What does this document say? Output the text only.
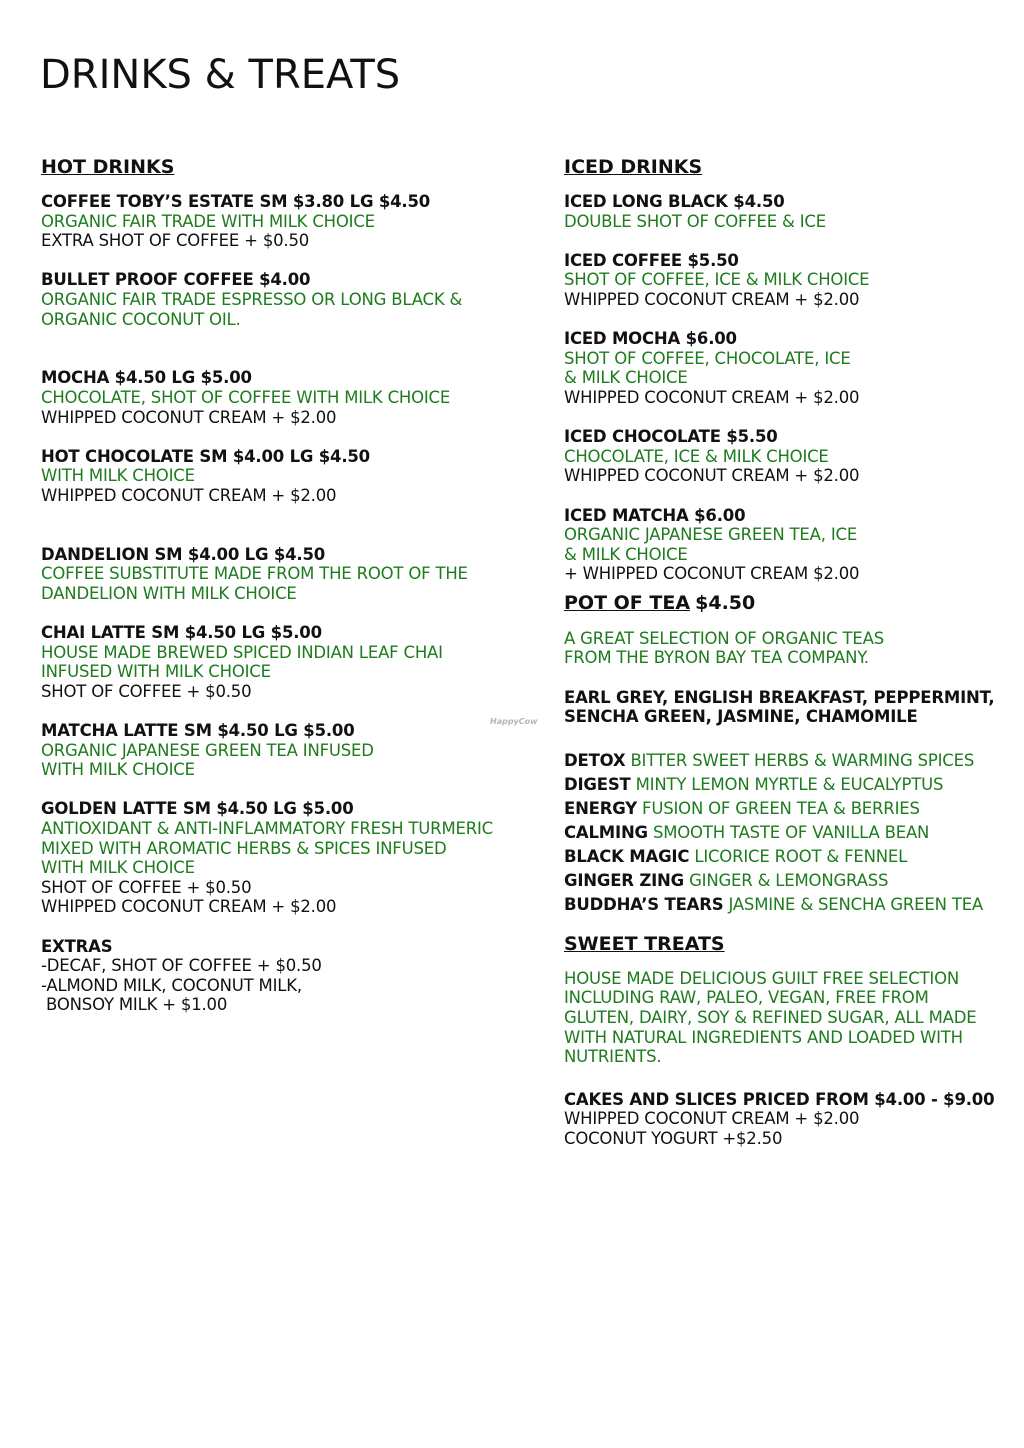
DRINKS & TREATS
HOT DRINKS
COFFEE TOBY’S ESTATE SM $3.80 LG $4.50
ORGANIC FAIR TRADE WITH MILK CHOICE
EXTRA SHOT OF COFFEE + $0.50
BULLET PROOF COFFEE $4.00
ORGANIC FAIR TRADE ESPRESSO OR LONG BLACK &
ORGANIC COCONUT OIL.
MOCHA $4.50 LG $5.00
CHOCOLATE, SHOT OF COFFEE WITH MILK CHOICE
WHIPPED COCONUT CREAM + $2.00
HOT CHOCOLATE SM $4.00 LG $4.50
WITH MILK CHOICE
WHIPPED COCONUT CREAM + $2.00
DANDELION SM $4.00 LG $4.50
COFFEE SUBSTITUTE MADE FROM THE ROOT OF THE
DANDELION WITH MILK CHOICE
CHAI LATTE SM $4.50 LG $5.00
HOUSE MADE BREWED SPICED INDIAN LEAF CHAI
INFUSED WITH MILK CHOICE
SHOT OF COFFEE + $0.50
MATCHA LATTE SM $4.50 LG $5.00
ORGANIC JAPANESE GREEN TEA INFUSED
WITH MILK CHOICE
GOLDEN LATTE SM $4.50 LG $5.00
ANTIOXIDANT & ANTI-INFLAMMATORY FRESH TURMERIC
MIXED WITH AROMATIC HERBS & SPICES INFUSED
WITH MILK CHOICE
SHOT OF COFFEE + $0.50
WHIPPED COCONUT CREAM + $2.00
EXTRAS
-DECAF, SHOT OF COFFEE + $0.50
-ALMOND MILK, COCONUT MILK,
BONSOY MILK + $1.00
HappyCow
ICED DRINKS
ICED LONG BLACK $4.50
DOUBLE SHOT OF COFFEE & ICE
ICED COFFEE $5.50
SHOT OF COFFEE, ICE & MILK CHOICE
WHIPPED COCONUT CREAM + $2.00
ICED MOCHA $6.00
SHOT OF COFFEE, CHOCOLATE, ICE
& MILK CHOICE
WHIPPED COCONUT CREAM + $2.00
ICED CHOCOLATE $5.50
CHOCOLATE, ICE & MILK CHOICE
WHIPPED COCONUT CREAM + $2.00
ICED MATCHA $6.00
ORGANIC JAPANESE GREEN TEA, ICE
& MILK CHOICE
+ WHIPPED COCONUT CREAM $2.00
POT OF TEA $4.50
A GREAT SELECTION OF ORGANIC TEAS
FROM THE BYRON BAY TEA COMPANY.
EARL GREY, ENGLISH BREAKFAST, PEPPERMINT,
SENCHA GREEN, JASMINE, CHAMOMILE
DETOX BITTER SWEET HERBS & WARMING SPICES
DIGEST MINTY LEMON MYRTLE & EUCALYPTUS
ENERGY FUSION OF GREEN TEA & BERRIES
CALMING SMOOTH TASTE OF VANILLA BEAN
BLACK MAGIC LICORICE ROOT & FENNEL
GINGER ZING GINGER & LEMONGRASS
BUDDHA’S TEARS JASMINE & SENCHA GREEN TEA
SWEET TREATS
HOUSE MADE DELICIOUS GUILT FREE SELECTION
INCLUDING RAW, PALEO, VEGAN, FREE FROM
GLUTEN, DAIRY, SOY & REFINED SUGAR, ALL MADE
WITH NATURAL INGREDIENTS AND LOADED WITH
NUTRIENTS.
CAKES AND SLICES PRICED FROM $4.00 - $9.00
WHIPPED COCONUT CREAM + $2.00
COCONUT YOGURT +$2.50
